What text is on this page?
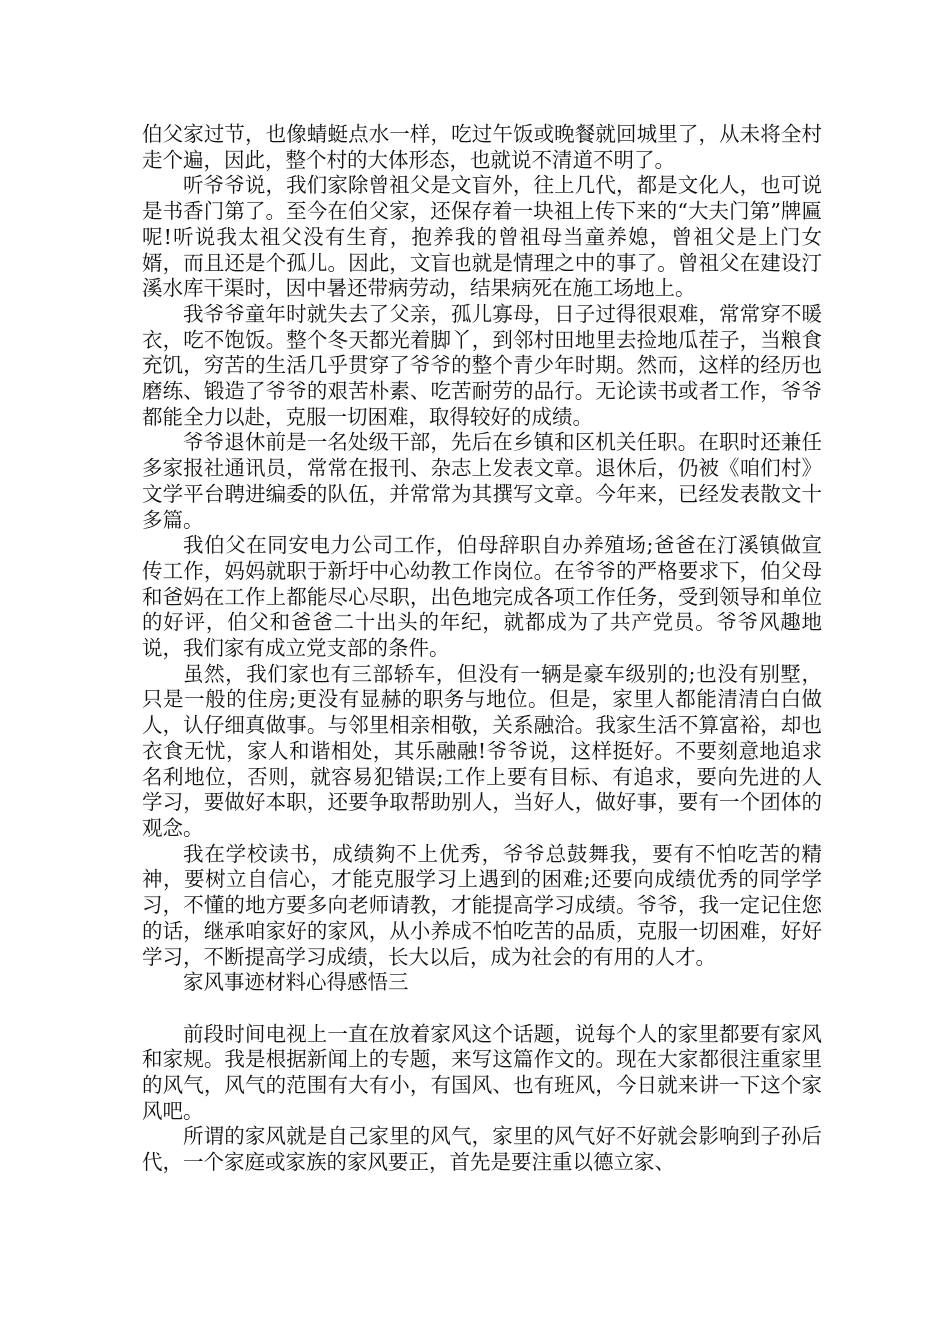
伯父家过节，也像蜻蜓点水一样，吃过午饭或晚餐就回城里了，从未将全村走个遍，因此，整个村的大体形态，也就说不清道不明了。

听爷爷说，我们家除曾祖父是文盲外，往上几代，都是文化人，也可说是书香门第了。至今在伯父家，还保存着一块祖上传下来的“大夫门第”牌匾呢!听说我太祖父没有生育，抱养我的曾祖母当童养媳，曾祖父是上门女婿，而且还是个孤儿。因此，文盲也就是情理之中的事了。曾祖父在建设汀溪水库干渠时，因中暑还带病劳动，结果病死在施工场地上。

我爷爷童年时就失去了父亲，孤儿寡母，日子过得很艰难，常常穿不暖衣，吃不饱饭。整个冬天都光着脚丫，到邻村田地里去捡地瓜茬子，当粮食充饥，穷苦的生活几乎贯穿了爷爷的整个青少年时期。然而，这样的经历也磨练、锻造了爷爷的艰苦朴素、吃苦耐劳的品行。无论读书或者工作，爷爷都能全力以赴，克服一切困难，取得较好的成绩。

爷爷退休前是一名处级干部，先后在乡镇和区机关任职。在职时还兼任多家报社通讯员，常常在报刊、杂志上发表文章。退休后，仍被《咱们村》文学平台聘进编委的队伍，并常常为其撰写文章。今年来，已经发表散文十多篇。

我伯父在同安电力公司工作，伯母辞职自办养殖场;爸爸在汀溪镇做宣传工作，妈妈就职于新圩中心幼教工作岗位。在爷爷的严格要求下，伯父母和爸妈在工作上都能尽心尽职，出色地完成各项工作任务，受到领导和单位的好评，伯父和爸爸二十出头的年纪，就都成为了共产党员。爷爷风趣地说，我们家有成立党支部的条件。

虽然，我们家也有三部轿车，但没有一辆是豪车级别的;也没有别墅，只是一般的住房;更没有显赫的职务与地位。但是，家里人都能清清白白做人，认仔细真做事。与邻里相亲相敬，关系融洽。我家生活不算富裕，却也衣食无忧，家人和谐相处，其乐融融!爷爷说，这样挺好。不要刻意地追求名利地位，否则，就容易犯错误;工作上要有目标、有追求，要向先进的人学习，要做好本职，还要争取帮助别人，当好人，做好事，要有一个团体的观念。

我在学校读书，成绩夠不上优秀，爷爷总鼓舞我，要有不怕吃苦的精神，要树立自信心，才能克服学习上遇到的困难;还要向成绩优秀的同学学习，不懂的地方要多向老师请教，才能提高学习成绩。爷爷，我一定记住您的话，继承咱家好的家风，从小养成不怕吃苦的品质，克服一切困难，好好学习，不断提高学习成绩，长大以后，成为社会的有用的人才。

家风事迹材料心得感悟三

前段时间电视上一直在放着家风这个话题，说每个人的家里都要有家风和家规。我是根据新闻上的专题，来写这篇作文的。现在大家都很注重家里的风气，风气的范围有大有小，有国风、也有班风，今日就来讲一下这个家风吧。

所谓的家风就是自己家里的风气，家里的风气好不好就会影响到子孙后代，一个家庭或家族的家风要正，首先是要注重以德立家、
